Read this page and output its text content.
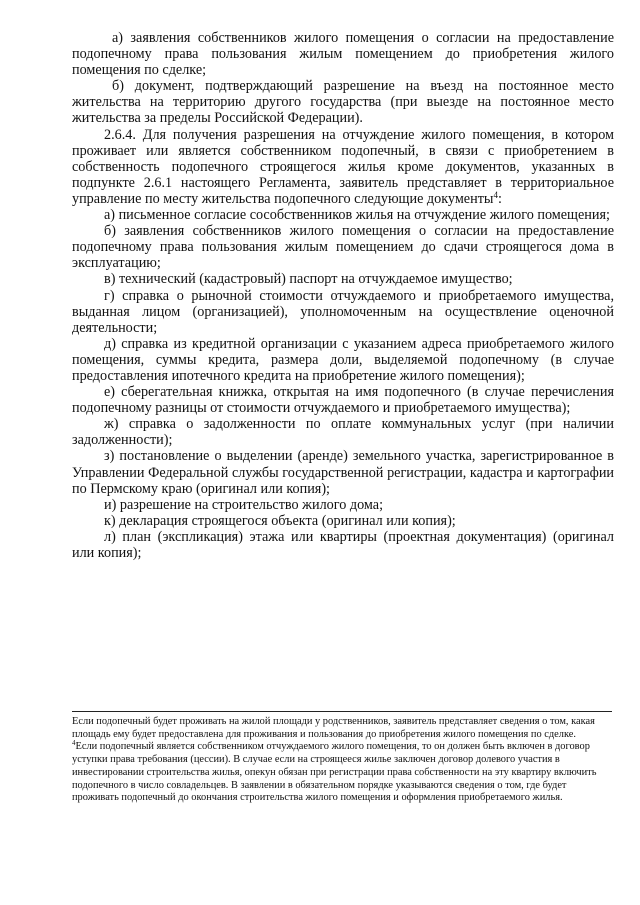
а) заявления собственников жилого помещения о согласии на предоставление подопечному права пользования жилым помещением до приобретения жилого помещения по сделке;

б) документ, подтверждающий разрешение на въезд на постоянное место жительства на территорию другого государства (при выезде на постоянное место жительства за пределы Российской Федерации).

2.6.4. Для получения разрешения на отчуждение жилого помещения, в котором проживает или является собственником подопечный, в связи с приобретением в собственность подопечного строящегося жилья кроме документов, указанных в подпункте 2.6.1 настоящего Регламента, заявитель представляет в территориальное управление по месту жительства подопечного следующие документы$^4$:

а) письменное согласие сособственников жилья на отчуждение жилого помещения;

б) заявления собственников жилого помещения о согласии на предоставление подопечному права пользования жилым помещением до сдачи строящегося дома в эксплуатацию;

в) технический (кадастровый) паспорт на отчуждаемое имущество;

г) справка о рыночной стоимости отчуждаемого и приобретаемого имущества, выданная лицом (организацией), уполномоченным на осуществление оценочной деятельности;

д) справка из кредитной организации с указанием адреса приобретаемого жилого помещения, суммы кредита, размера доли, выделяемой подопечному (в случае предоставления ипотечного кредита на приобретение жилого помещения);

е) сберегательная книжка, открытая на имя подопечного (в случае перечисления подопечному разницы от стоимости отчуждаемого и приобретаемого имущества);

ж) справка о задолженности по оплате коммунальных услуг (при наличии задолженности);

з) постановление о выделении (аренде) земельного участка, зарегистрированное в Управлении Федеральной службы государственной регистрации, кадастра и картографии по Пермскому краю (оригинал или копия);

и) разрешение на строительство жилого дома;

к) декларация строящегося объекта (оригинал или копия);

л) план (экспликация) этажа или квартиры (проектная документация) (оригинал или копия);

Если подопечный будет проживать на жилой площади у родственников, заявитель представляет сведения о том, какая площадь ему будет предоставлена для проживания и пользования до приобретения жилого помещения по сделке.

$^4$Если подопечный является собственником отчуждаемого жилого помещения, то он должен быть включен в договор уступки права требования (цессии). В случае если на строящееся жилье заключен договор долевого участия в инвестировании строительства жилья, опекун обязан при регистрации права собственности на эту квартиру включить подопечного в число совладельцев. В заявлении в обязательном порядке указываются сведения о том, где будет проживать подопечный до окончания строительства жилого помещения и оформления приобретаемого жилья.
